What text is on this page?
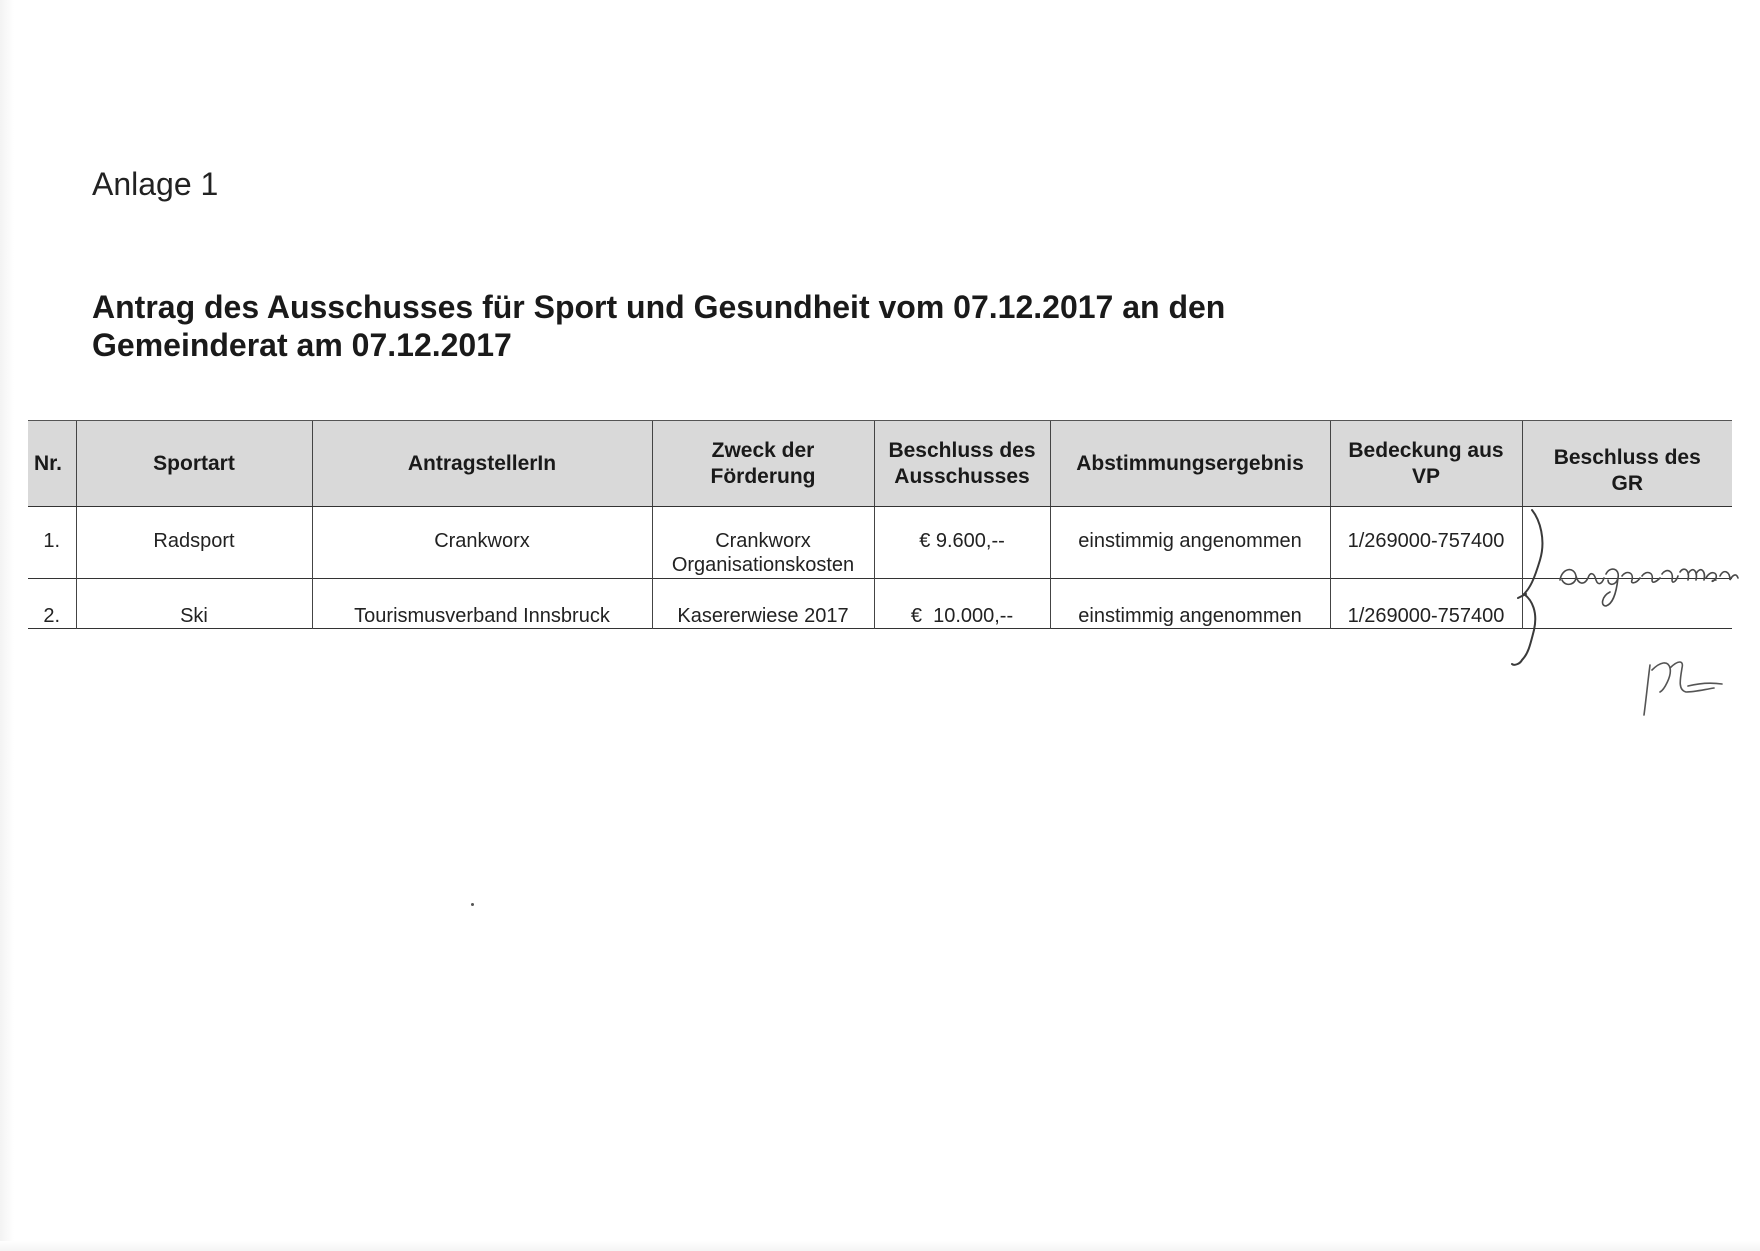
Anlage 1
Antrag des Ausschusses für Sport und Gesundheit vom 07.12.2017 an den Gemeinderat am 07.12.2017
Nr.	Sportart	AntragstellerIn	Zweck der Förderung	Beschluss des Ausschusses	Abstimmungsergebnis	Bedeckung aus VP	Beschluss des GR
1.	Radsport	Crankworx	Crankworx Organisationskosten	€ 9.600,--	einstimmig angenommen	1/269000-757400	
2.	Ski	Tourismusverband Innsbruck	Kasererwiese 2017	€  10.000,--	einstimmig angenommen	1/269000-757400	
